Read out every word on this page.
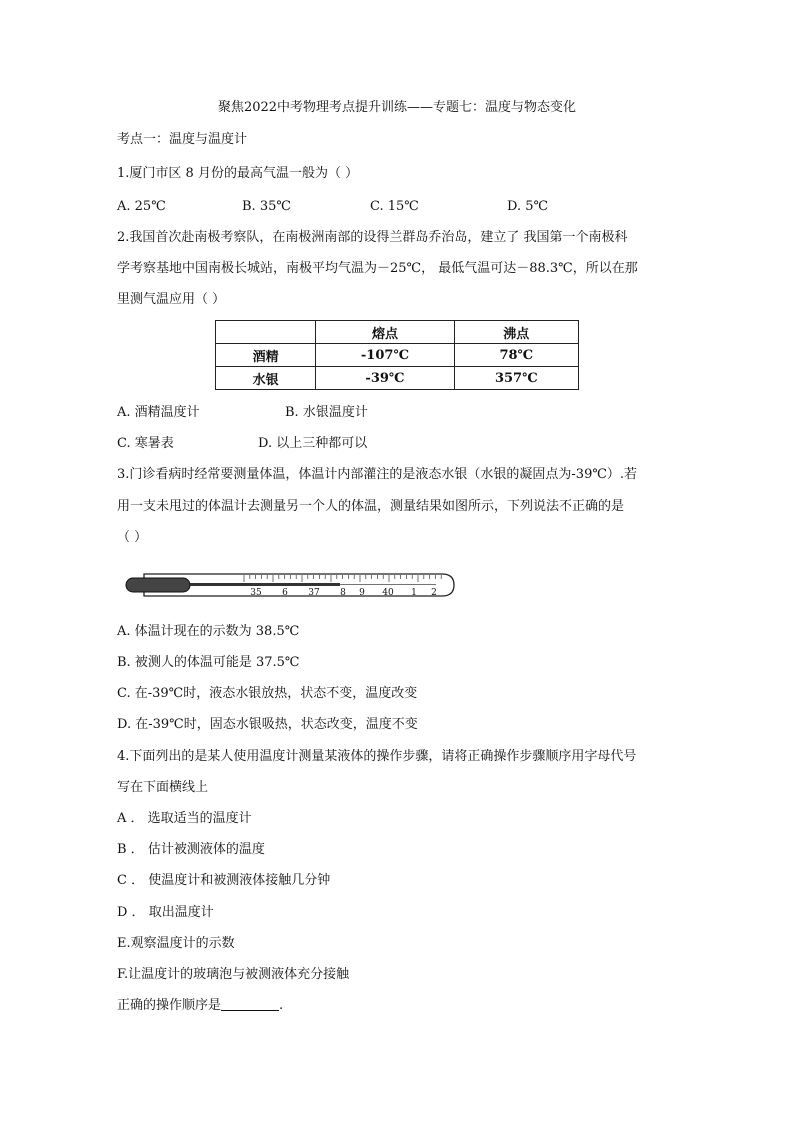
聚焦2022中考物理考点提升训练——专题七：温度与物态变化
考点一：温度与温度计
1.厦门市区 8 月份的最高气温一般为（ ）
A. 25℃	B. 35℃	C. 15℃	D. 5℃
2.我国首次赴南极考察队，在南极洲南部的设得兰群岛乔治岛，建立了 我国第一个南极科
学考察基地中国南极长城站，南极平均气温为－25℃， 最低气温可达－88.3℃，所以在那
里测气温应用（ ）
	熔点	沸点
酒精	-107℃	78℃
水银	-39℃	357℃
A. 酒精温度计	B. 水银温度计
C. 寒暑表	D. 以上三种都可以
3.门诊看病时经常要测量体温，体温计内部灌注的是液态水银（水银的凝固点为-39℃）.若
用一支未甩过的体温计去测量另一个人的体温，测量结果如图所示，下列说法不正确的是
（ ）
35 6 37 8 9 40 1 2
A. 体温计现在的示数为 38.5℃
B. 被测人的体温可能是 37.5℃
C. 在-39℃时，液态水银放热，状态不变，温度改变
D. 在-39℃时，固态水银吸热，状态改变，温度不变
4.下面列出的是某人使用温度计测量某液体的操作步骤，请将正确操作步骤顺序用字母代号
写在下面横线上
A ． 选取适当的温度计
B ． 估计被测液体的温度
C ． 使温度计和被测液体接触几分钟
D ． 取出温度计
E.观察温度计的示数
F.让温度计的玻璃泡与被测液体充分接触
正确的操作顺序是	.
